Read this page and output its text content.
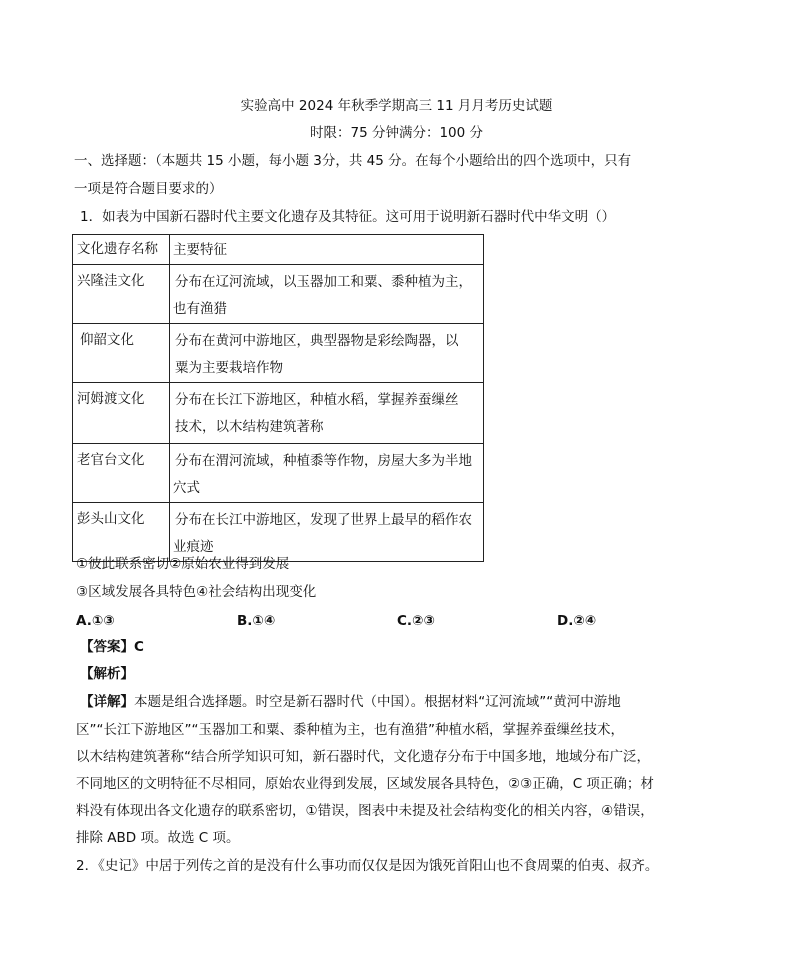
实验高中 2024 年秋季学期高三 11 月月考历史试题
时限：75 分钟满分：100 分
一、选择题：（本题共 15 小题，每小题 3分，共 45 分。在每个小题给出的四个选项中，只有
一项是符合题目要求的）
1．如表为中国新石器时代主要文化遗存及其特征。这可用于说明新石器时代中华文明（）
文化遗存名称	主要特征
兴隆洼文化	分布在辽河流域，以玉器加工和粟、黍种植为主，
也有渔猎

仰韶文化	分布在黄河中游地区，典型器物是彩绘陶器，以
粟为主要栽培作物

河姆渡文化	分布在长江下游地区，种植水稻，掌握养蚕缫丝
技术，以木结构建筑著称

老官台文化	分布在渭河流域，种植黍等作物，房屋大多为半地
穴式

彭头山文化	分布在长江中游地区，发现了世界上最早的稻作农
业痕迹
①彼此联系密切②原始农业得到发展
③区域发展各具特色④社会结构出现变化
A.①③	B.①④	C.②③	D.②④
【答案】C
【解析】
【详解】本题是组合选择题。时空是新石器时代（中国）。根据材料“辽河流域”“黄河中游地
区”“长江下游地区”“玉器加工和粟、黍种植为主，也有渔猎”种植水稻，掌握养蚕缫丝技术，
以木结构建筑著称“结合所学知识可知，新石器时代，文化遗存分布于中国多地，地域分布广泛，
不同地区的文明特征不尽相同，原始农业得到发展，区域发展各具特色，②③正确，C 项正确；材
料没有体现出各文化遗存的联系密切，①错误，图表中未提及社会结构变化的相关内容，④错误，
排除 ABD 项。故选 C 项。
2．《史记》中居于列传之首的是没有什么事功而仅仅是因为饿死首阳山也不食周粟的伯夷、叔齐。
